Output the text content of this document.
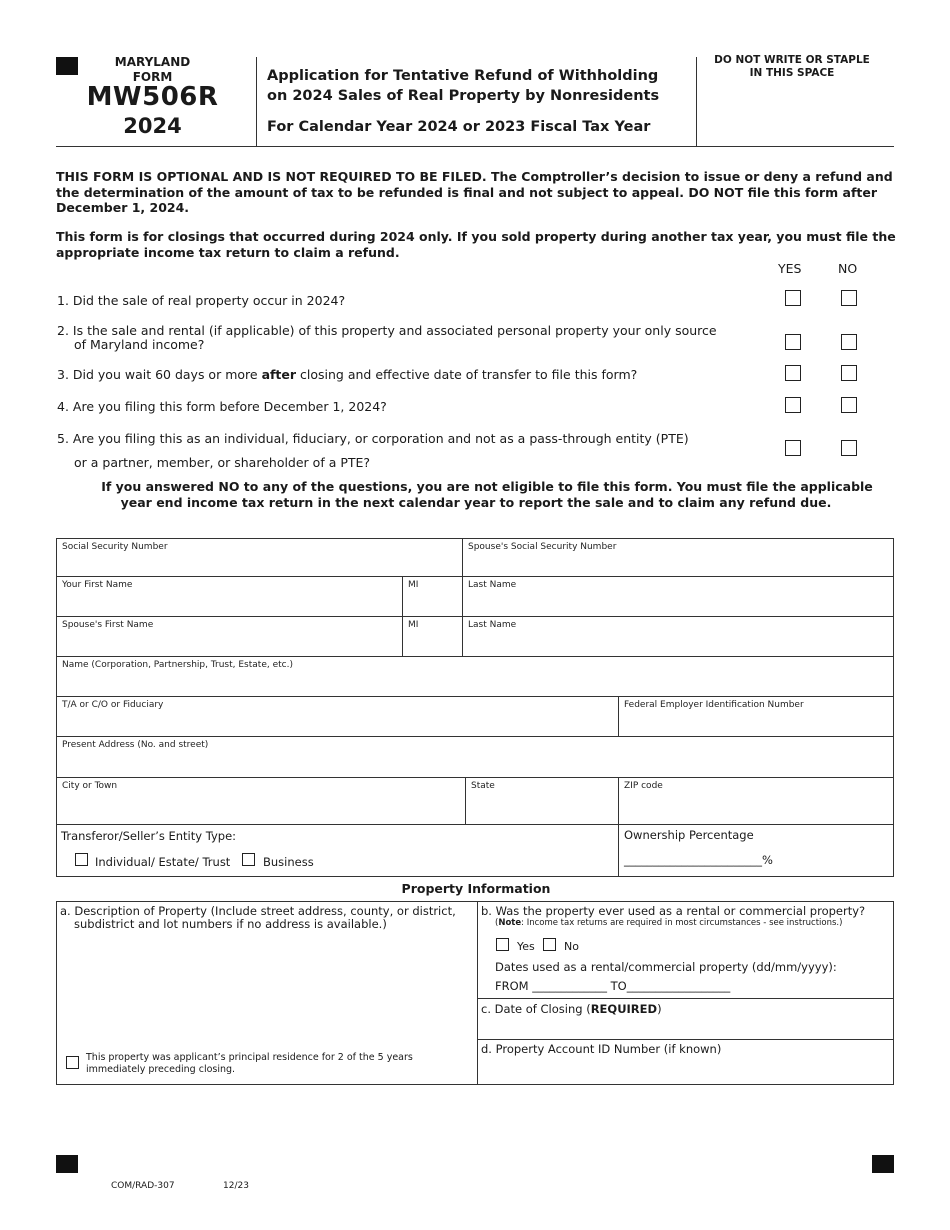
MARYLAND
FORM
MW506R
2024
Application for Tentative Refund of Withholding
on 2024 Sales of Real Property by Nonresidents
For Calendar Year 2024 or 2023 Fiscal Tax Year
DO NOT WRITE OR STAPLE
IN THIS SPACE
THIS FORM IS OPTIONAL AND IS NOT REQUIRED TO BE FILED. The Comptroller’s decision to issue or deny a refund and the determination of the amount of tax to be refunded is final and not subject to appeal. DO NOT file this form after December 1, 2024.
This form is for closings that occurred during 2024 only. If you sold property during another tax year, you must file the appropriate income tax return to claim a refund.
YES	NO
1. Did the sale of real property occur in 2024?
2. Is the sale and rental (if applicable) of this property and associated personal property your only source
of Maryland income?
3. Did you wait 60 days or more after closing and effective date of transfer to file this form?
4. Are you filing this form before December 1, 2024?
5. Are you filing this as an individual, fiduciary, or corporation and not as a pass-through entity (PTE)
or a partner, member, or shareholder of a PTE?
If you answered NO to any of the questions, you are not eligible to file this form. You must file the applicable
year end income tax return in the next calendar year to report the sale and to claim any refund due.
Social Security Number	Spouse's Social Security Number
Your First Name	MI	Last Name
Spouse's First Name	MI	Last Name
Name (Corporation, Partnership, Trust, Estate, etc.)
T/A or C/O or Fiduciary	Federal Employer Identification Number
Present Address (No. and street)
City or Town	State	ZIP code
Transferor/Seller’s Entity Type:
Individual/ Estate/ Trust	Business
Ownership Percentage
________________________%
Property Information
a. Description of Property (Include street address, county, or district,
subdistrict and lot numbers if no address is available.)
This property was applicant’s principal residence for 2 of the 5 years
immediately preceding closing.
b. Was the property ever used as a rental or commercial property?
(Note: Income tax returns are required in most circumstances - see instructions.)
Yes	No
Dates used as a rental/commercial property (dd/mm/yyyy):
FROM _____________ TO__________________
c. Date of Closing (REQUIRED)
d. Property Account ID Number (if known)
COM/RAD-307	12/23
